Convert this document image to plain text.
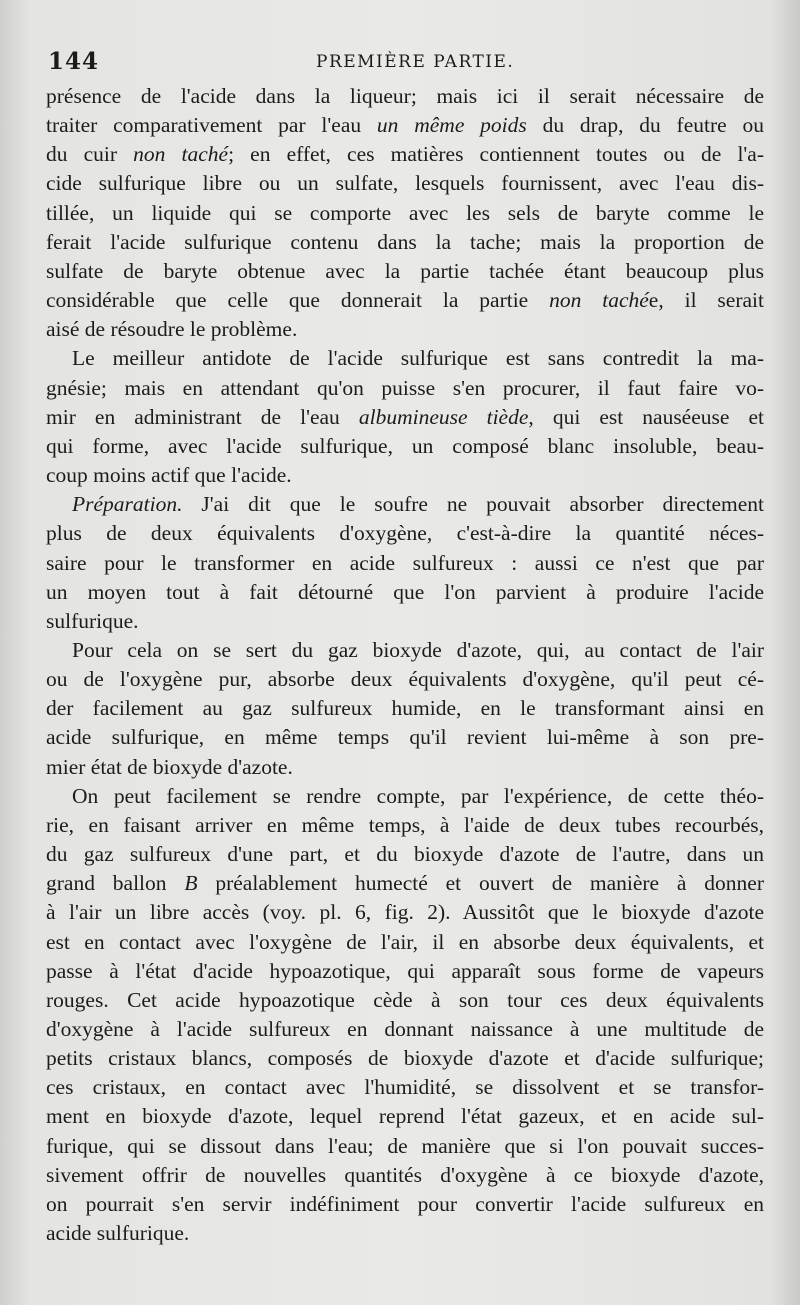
144	PREMIÈRE PARTIE.

présence de l'acide dans la liqueur; mais ici il serait nécessaire de
traiter comparativement par l'eau un même poids du drap, du feutre ou
du cuir non taché; en effet, ces matières contiennent toutes ou de l'a-
cide sulfurique libre ou un sulfate, lesquels fournissent, avec l'eau dis-
tillée, un liquide qui se comporte avec les sels de baryte comme le
ferait l'acide sulfurique contenu dans la tache; mais la proportion de
sulfate de baryte obtenue avec la partie tachée étant beaucoup plus
considérable que celle que donnerait la partie non tachée, il serait
aisé de résoudre le problème.

Le meilleur antidote de l'acide sulfurique est sans contredit la ma-
gnésie; mais en attendant qu'on puisse s'en procurer, il faut faire vo-
mir en administrant de l'eau albumineuse tiède, qui est nauséeuse et
qui forme, avec l'acide sulfurique, un composé blanc insoluble, beau-
coup moins actif que l'acide.

Préparation. J'ai dit que le soufre ne pouvait absorber directement
plus de deux équivalents d'oxygène, c'est-à-dire la quantité néces-
saire pour le transformer en acide sulfureux : aussi ce n'est que par
un moyen tout à fait détourné que l'on parvient à produire l'acide
sulfurique.

Pour cela on se sert du gaz bioxyde d'azote, qui, au contact de l'air
ou de l'oxygène pur, absorbe deux équivalents d'oxygène, qu'il peut cé-
der facilement au gaz sulfureux humide, en le transformant ainsi en
acide sulfurique, en même temps qu'il revient lui-même à son pre-
mier état de bioxyde d'azote.

On peut facilement se rendre compte, par l'expérience, de cette théo-
rie, en faisant arriver en même temps, à l'aide de deux tubes recourbés,
du gaz sulfureux d'une part, et du bioxyde d'azote de l'autre, dans un
grand ballon B préalablement humecté et ouvert de manière à donner
à l'air un libre accès (voy. pl. 6, fig. 2). Aussitôt que le bioxyde d'azote
est en contact avec l'oxygène de l'air, il en absorbe deux équivalents, et
passe à l'état d'acide hypoazotique, qui apparaît sous forme de vapeurs
rouges. Cet acide hypoazotique cède à son tour ces deux équivalents
d'oxygène à l'acide sulfureux en donnant naissance à une multitude de
petits cristaux blancs, composés de bioxyde d'azote et d'acide sulfurique;
ces cristaux, en contact avec l'humidité, se dissolvent et se transfor-
ment en bioxyde d'azote, lequel reprend l'état gazeux, et en acide sul-
furique, qui se dissout dans l'eau; de manière que si l'on pouvait succes-
sivement offrir de nouvelles quantités d'oxygène à ce bioxyde d'azote,
on pourrait s'en servir indéfiniment pour convertir l'acide sulfureux en
acide sulfurique.
